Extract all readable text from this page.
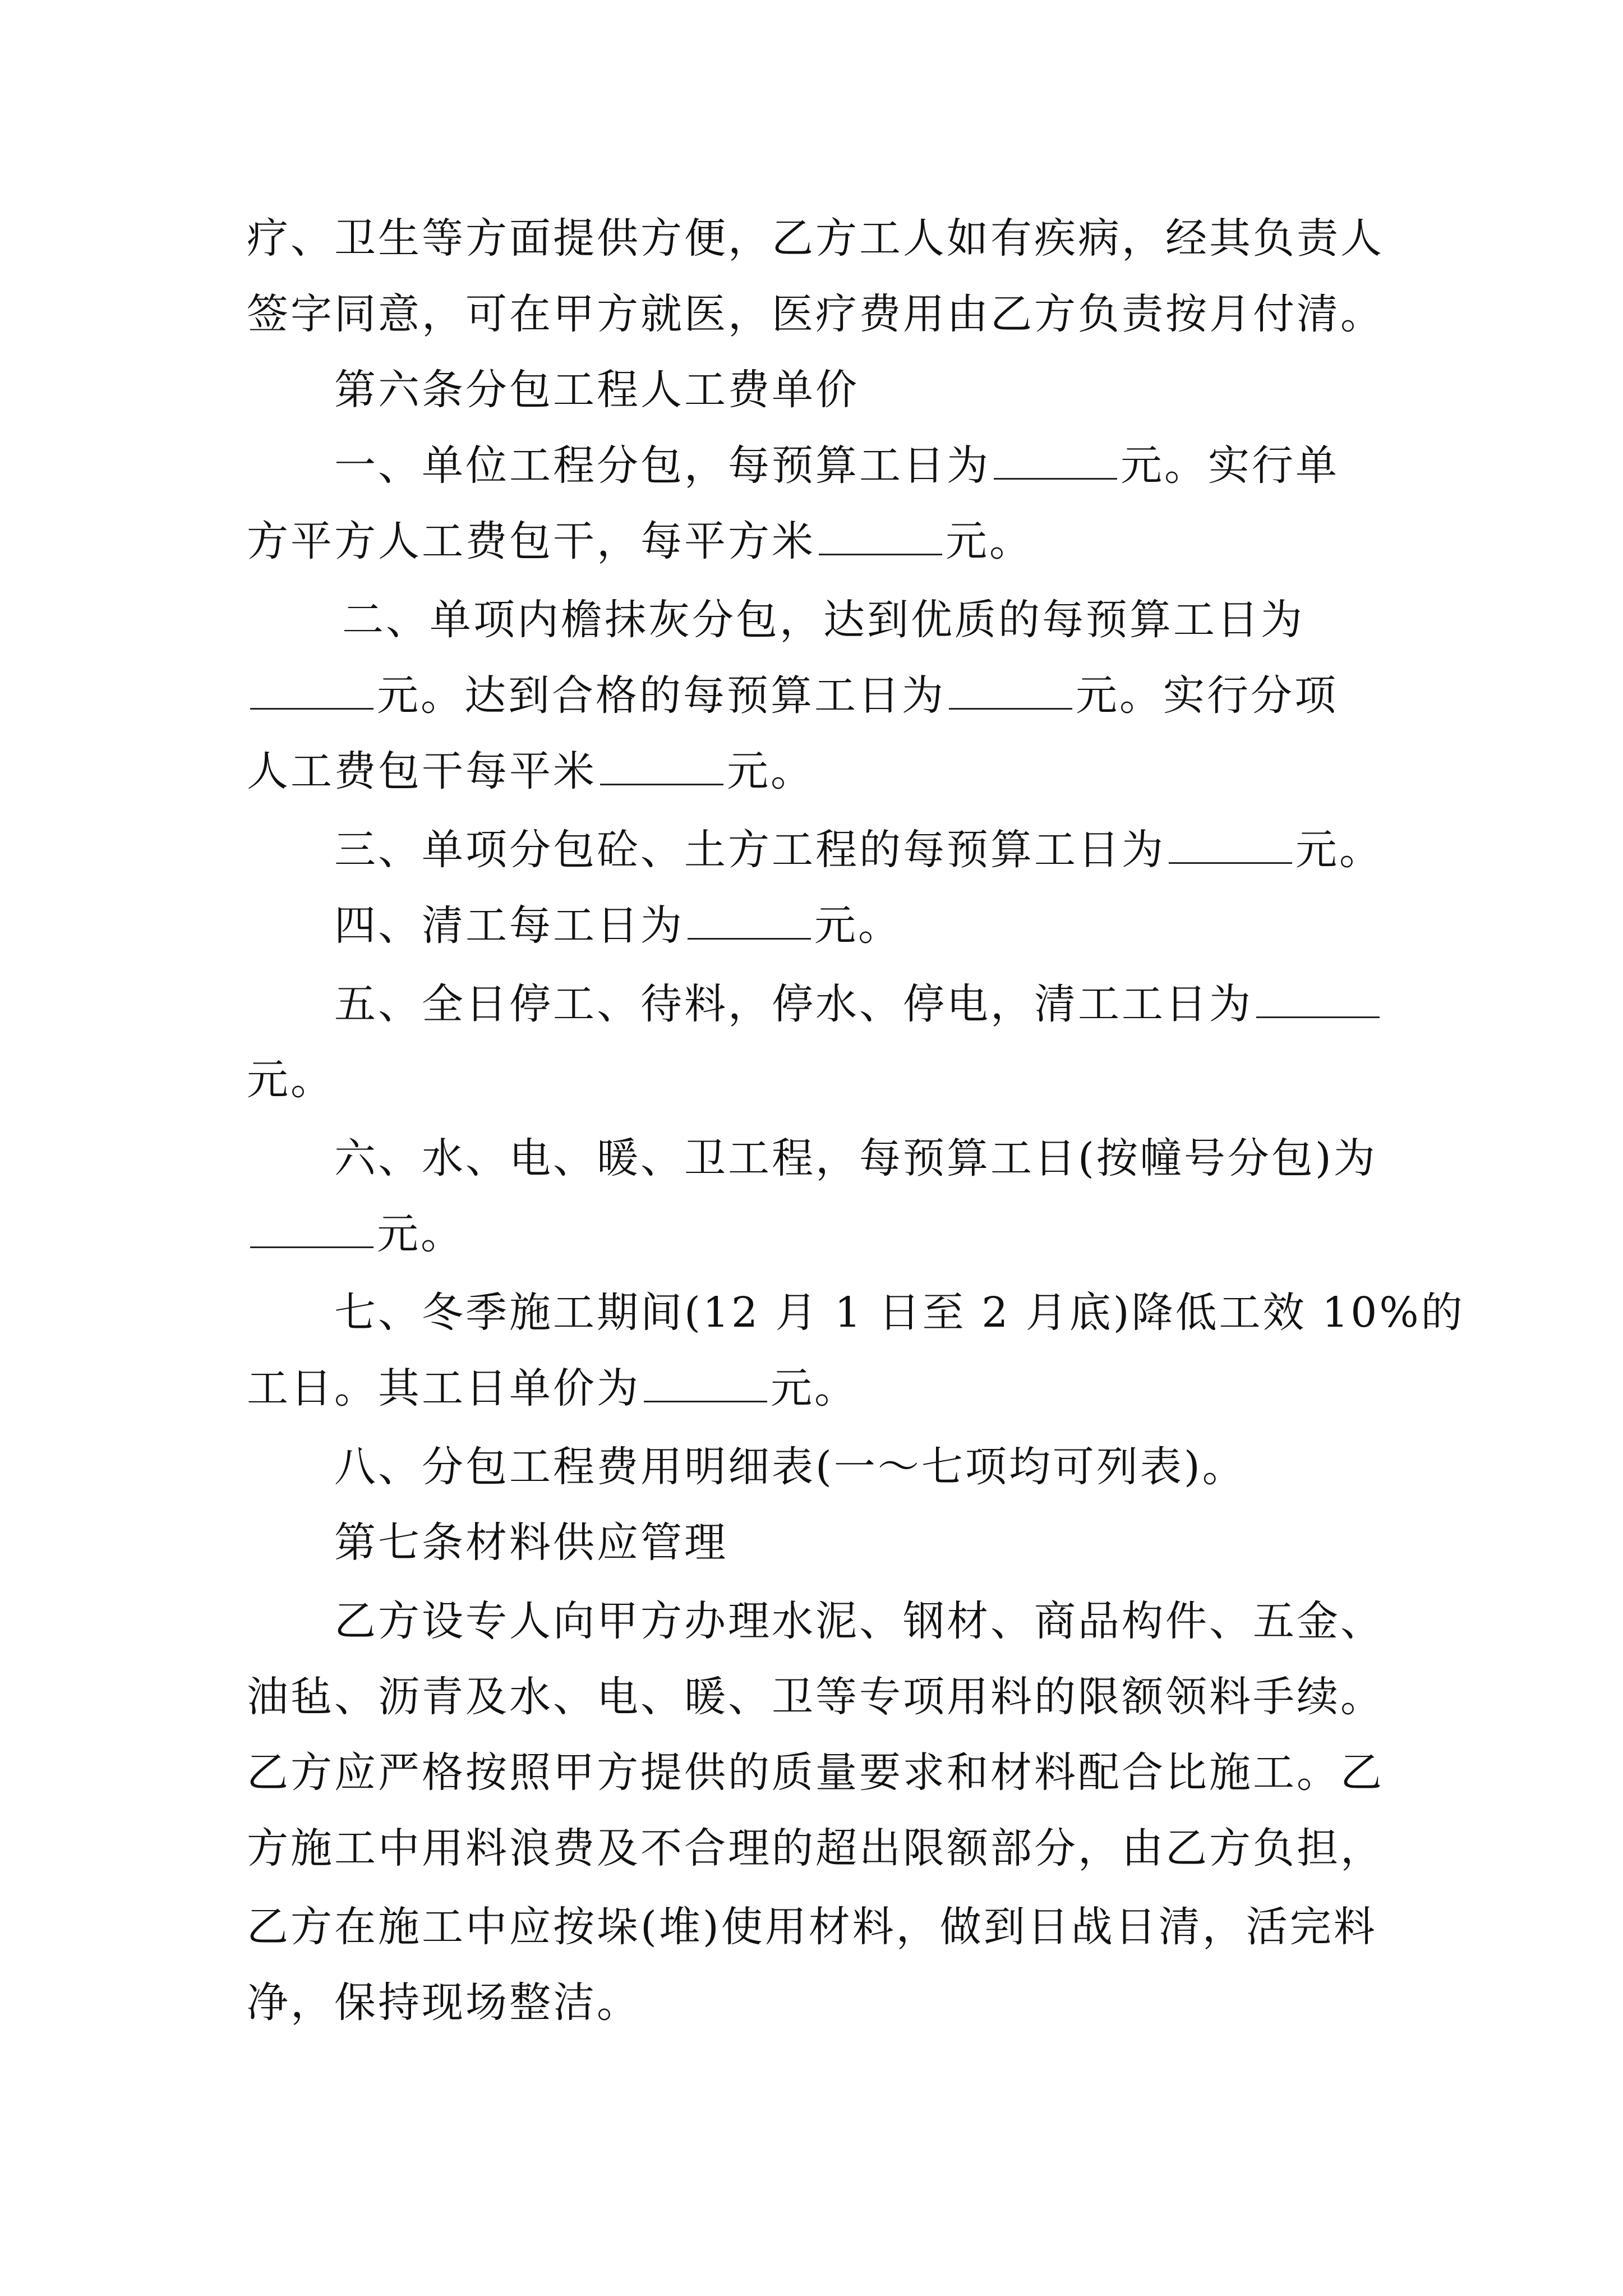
疗、卫生等方面提供方便，乙方工人如有疾病，经其负责人
签字同意，可在甲方就医，医疗费用由乙方负责按月付清。
第六条分包工程人工费单价
一、单位工程分包，每预算工日为	元。实行单
方平方人工费包干，每平方米	元。
二、单项内檐抹灰分包，达到优质的每预算工日为
元。达到合格的每预算工日为	元。实行分项
人工费包干每平米	元。
三、单项分包砼、土方工程的每预算工日为	元。
四、清工每工日为	元。
五、全日停工、待料，停水、停电，清工工日为
元。
六、水、电、暖、卫工程，每预算工日(按幢号分包)为
元。
七、冬季施工期间(12 月 1 日至 2 月底)降低工效 10%的
工日。其工日单价为	元。
八、分包工程费用明细表(一～七项均可列表)。
第七条材料供应管理
乙方设专人向甲方办理水泥、钢材、商品构件、五金、
油毡、沥青及水、电、暖、卫等专项用料的限额领料手续。
乙方应严格按照甲方提供的质量要求和材料配合比施工。乙
方施工中用料浪费及不合理的超出限额部分，由乙方负担，
乙方在施工中应按垛(堆)使用材料，做到日战日清，活完料
净，保持现场整洁。
